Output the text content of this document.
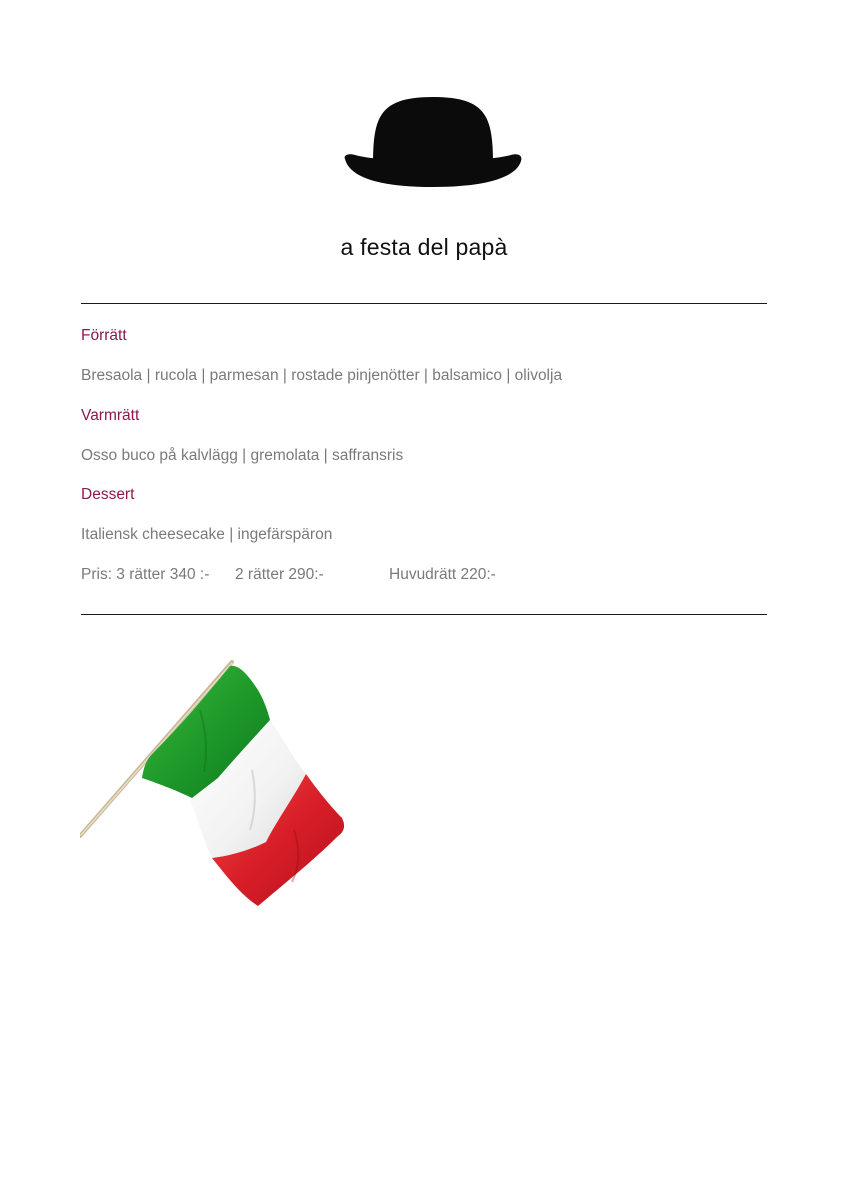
a festa del papà
Förrätt
Bresaola | rucola | parmesan | rostade pinjenötter | balsamico | olivolja
Varmrätt
Osso buco på kalvlägg | gremolata | saffransris
Dessert
Italiensk cheesecake | ingefärspäron
Pris: 3 rätter 340 :- 2 rätter 290:-	Huvudrätt 220:-
